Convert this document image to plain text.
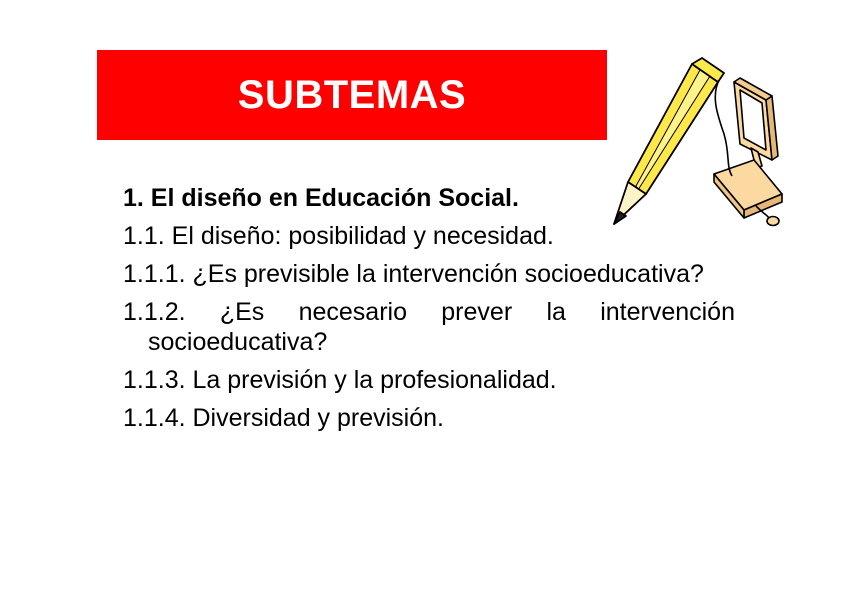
SUBTEMAS

1. El diseño en Educación Social.

1.1. El diseño: posibilidad y necesidad.

1.1.1. ¿Es previsible la intervención socioeducativa?

1.1.2. ¿Es necesario prever la intervención socioeducativa?

1.1.3. La previsión y la profesionalidad.

1.1.4. Diversidad y previsión.
